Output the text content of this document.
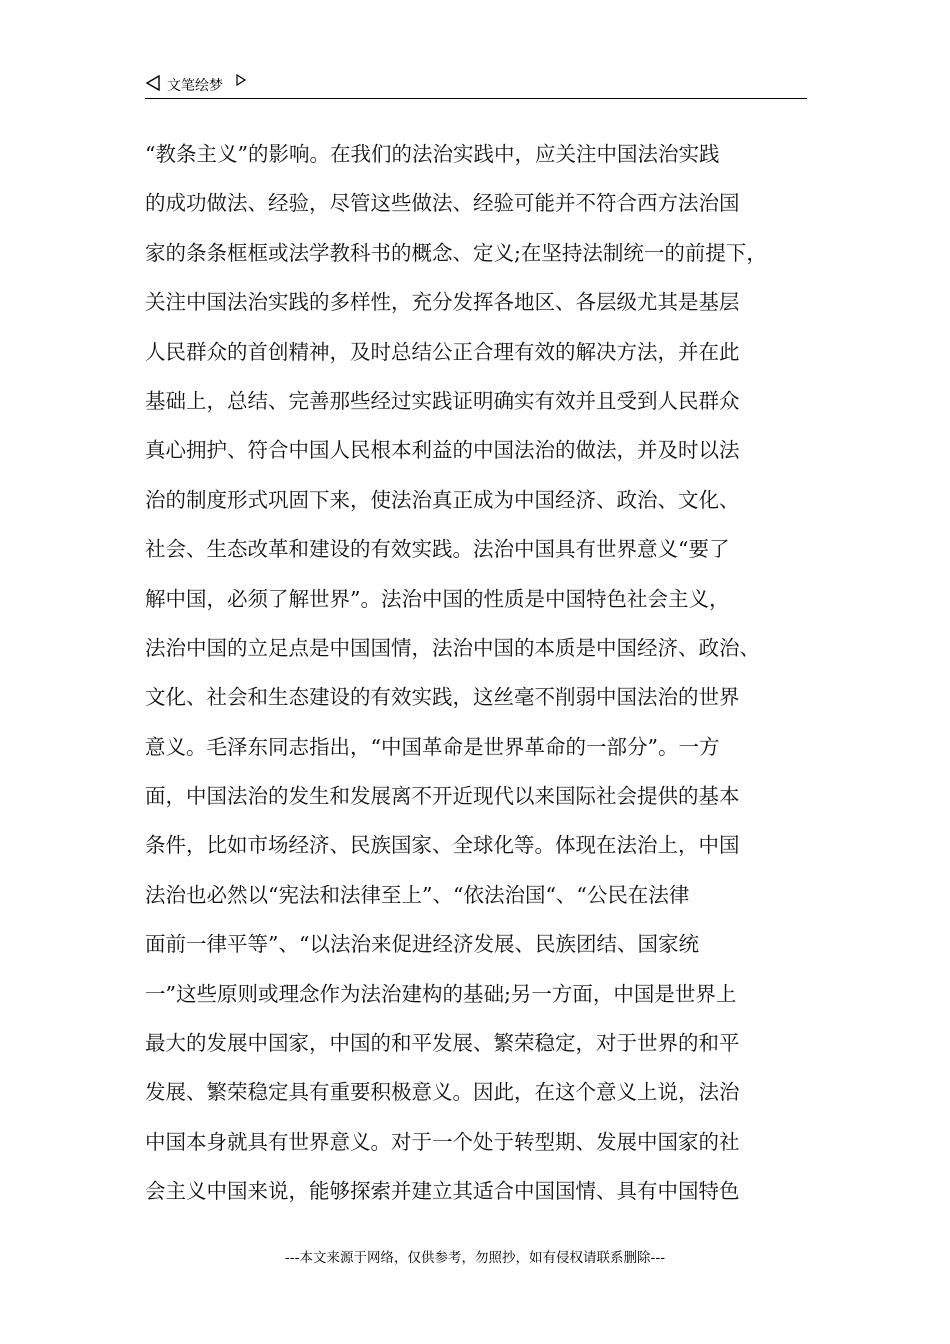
文笔绘梦
“教条主义”的影响。在我们的法治实践中，应关注中国法治实践
的成功做法、经验，尽管这些做法、经验可能并不符合西方法治国
家的条条框框或法学教科书的概念、定义;在坚持法制统一的前提下，
关注中国法治实践的多样性，充分发挥各地区、各层级尤其是基层
人民群众的首创精神，及时总结公正合理有效的解决方法，并在此
基础上，总结、完善那些经过实践证明确实有效并且受到人民群众
真心拥护、符合中国人民根本利益的中国法治的做法，并及时以法
治的制度形式巩固下来，使法治真正成为中国经济、政治、文化、
社会、生态改革和建设的有效实践。法治中国具有世界意义“要了
解中国，必须了解世界”。法治中国的性质是中国特色社会主义，
法治中国的立足点是中国国情，法治中国的本质是中国经济、政治、
文化、社会和生态建设的有效实践，这丝毫不削弱中国法治的世界
意义。毛泽东同志指出，“中国革命是世界革命的一部分”。一方
面，中国法治的发生和发展离不开近现代以来国际社会提供的基本
条件，比如市场经济、民族国家、全球化等。体现在法治上，中国
法治也必然以“宪法和法律至上”、“依法治国“、“公民在法律
面前一律平等”、“以法治来促进经济发展、民族团结、国家统
一”这些原则或理念作为法治建构的基础;另一方面，中国是世界上
最大的发展中国家，中国的和平发展、繁荣稳定，对于世界的和平
发展、繁荣稳定具有重要积极意义。因此，在这个意义上说，法治
中国本身就具有世界意义。对于一个处于转型期、发展中国家的社
会主义中国来说，能够探索并建立其适合中国国情、具有中国特色
---本文来源于网络，仅供参考，勿照抄，如有侵权请联系删除---
